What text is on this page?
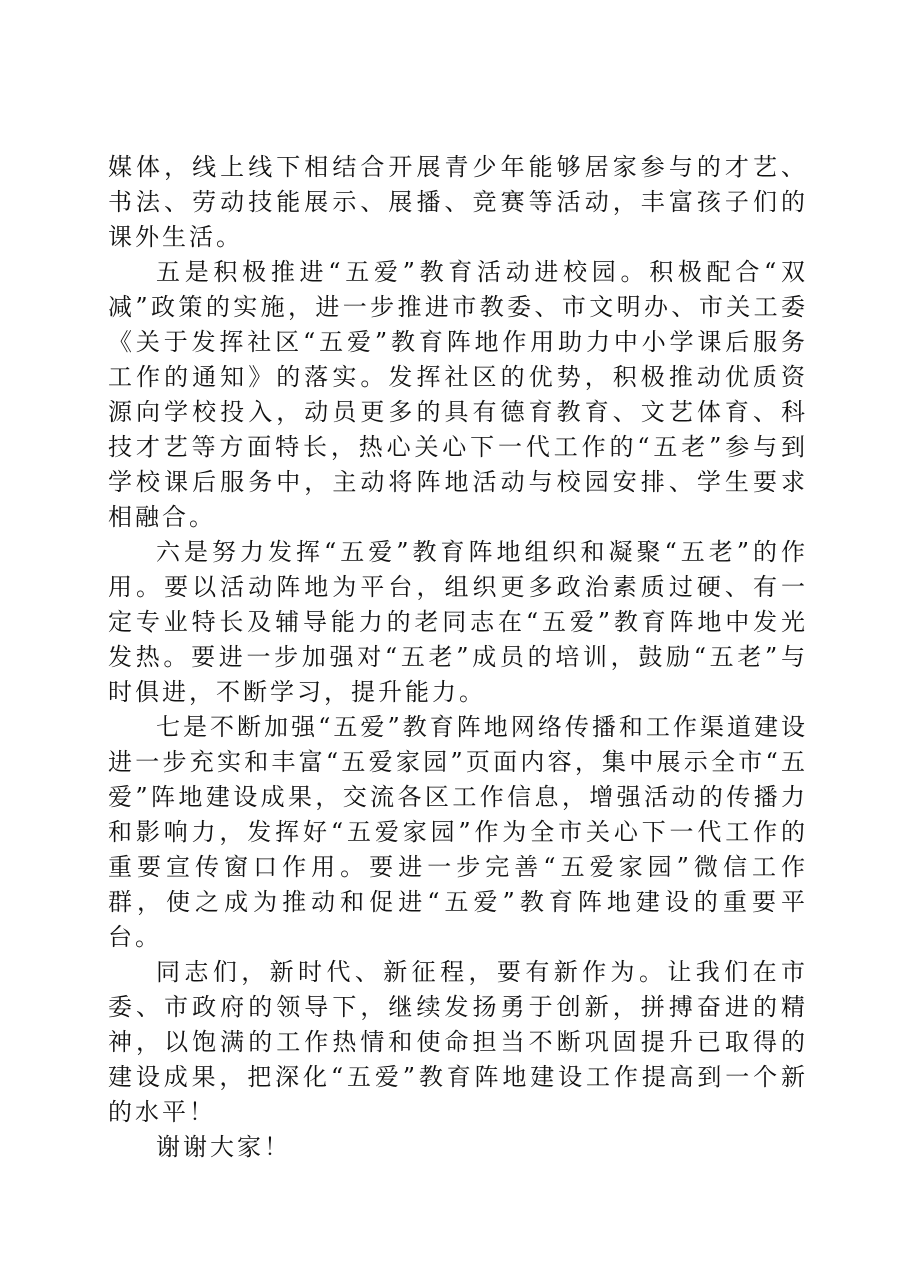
媒体，线上线下相结合开展青少年能够居家参与的才艺、书法、劳动技能展示、展播、竞赛等活动，丰富孩子们的课外生活。

五是积极推进“五爱”教育活动进校园。积极配合“双减”政策的实施，进一步推进市教委、市文明办、市关工委《关于发挥社区“五爱”教育阵地作用助力中小学课后服务工作的通知》的落实。发挥社区的优势，积极推动优质资源向学校投入，动员更多的具有德育教育、文艺体育、科技才艺等方面特长，热心关心下一代工作的“五老”参与到学校课后服务中，主动将阵地活动与校园安排、学生要求相融合。

六是努力发挥“五爱”教育阵地组织和凝聚“五老”的作用。要以活动阵地为平台，组织更多政治素质过硬、有一定专业特长及辅导能力的老同志在“五爱”教育阵地中发光发热。要进一步加强对“五老”成员的培训，鼓励“五老”与时俱进，不断学习，提升能力。

七是不断加强“五爱”教育阵地网络传播和工作渠道建设进一步充实和丰富“五爱家园”页面内容，集中展示全市“五爱”阵地建设成果，交流各区工作信息，增强活动的传播力和影响力，发挥好“五爱家园”作为全市关心下一代工作的重要宣传窗口作用。要进一步完善“五爱家园”微信工作群，使之成为推动和促进“五爱”教育阵地建设的重要平台。

同志们，新时代、新征程，要有新作为。让我们在市委、市政府的领导下，继续发扬勇于创新，拼搏奋进的精神，以饱满的工作热情和使命担当不断巩固提升已取得的建设成果，把深化“五爱”教育阵地建设工作提高到一个新的水平！

谢谢大家！
